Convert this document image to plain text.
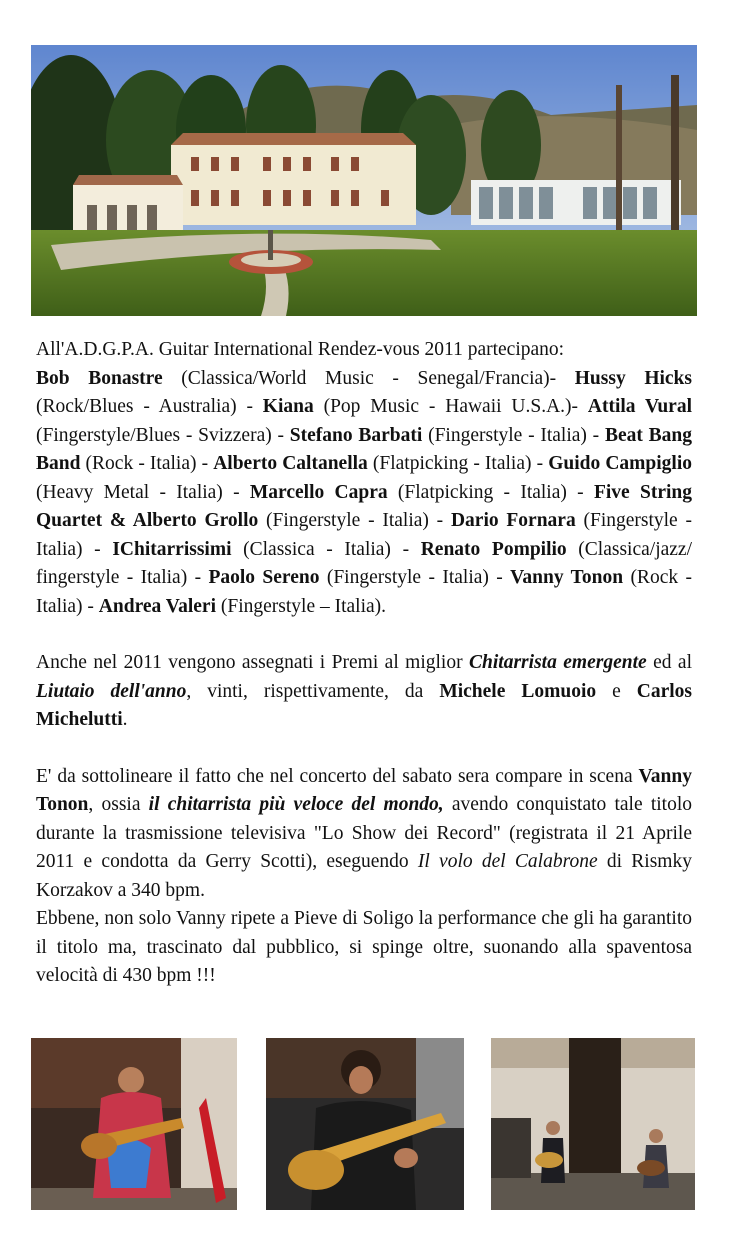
All'A.D.G.P.A. Guitar International Rendez-vous 2011 partecipano:
Bob Bonastre (Classica/World Music - Senegal/Francia)- Hussy Hicks (Rock/Blues - Australia) - Kiana (Pop Music - Hawaii U.S.A.)- Attila Vural (Fingerstyle/Blues - Svizzera) - Stefano Barbati (Fingerstyle - Italia) - Beat Bang Band (Rock - Italia) - Alberto Caltanella (Flatpicking - Italia) - Guido Campiglio (Heavy Metal - Italia) - Marcello Capra (Flatpicking - Italia) - Five String Quartet & Alberto Grollo (Fingerstyle - Italia) - Dario Fornara (Fingerstyle - Italia) - IChitarrissimi (Classica - Italia) - Renato Pompilio (Classica/jazz/ fingerstyle - Italia) - Paolo Sereno (Fingerstyle - Italia) - Vanny Tonon (Rock - Italia) - Andrea Valeri (Fingerstyle – Italia).

Anche nel 2011 vengono assegnati i Premi al miglior Chitarrista emergente ed al Liutaio dell'anno, vinti, rispettivamente, da Michele Lomuoio e Carlos Michelutti.

E' da sottolineare il fatto che nel concerto del sabato sera compare in scena Vanny Tonon, ossia il chitarrista più veloce del mondo, avendo conquistato tale titolo durante la trasmissione televisiva "Lo Show dei Record" (registrata il 21 Aprile 2011 e condotta da Gerry Scotti), eseguendo Il volo del Calabrone di Rismky Korzakov a 340 bpm.
Ebbene, non solo Vanny ripete a Pieve di Soligo la performance che gli ha garantito il titolo ma, trascinato dal pubblico, si spinge oltre, suonando alla spaventosa velocità di 430 bpm !!!
